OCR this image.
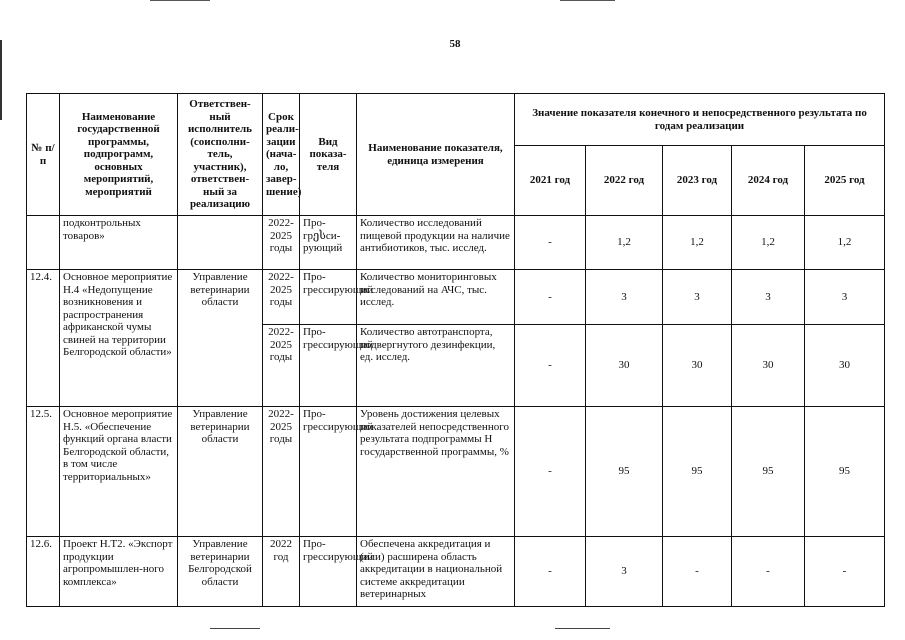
58
№ п/п	Наименование государственной программы, подпрограмм, основных мероприятий, мероприятий	Ответствен-ный исполнитель (соисполни-тель, участник), ответствен-ный за реализацию	Срок реали-зации (нача-ло, завер-шение)	Вид показа-теля	Наименование показателя, единица измерения	Значение показателя конечного и непосредственного результата по годам реализации				
						2021 год	2022 год	2023 год	2024 год	2025 год
	подконтрольных товаров»		2022-2025 годы	Про-грესси-рующий	Количество исследований пищевой продукции на наличие антибиотиков, тыс. исслед.	-	1,2	1,2	1,2	1,2
12.4.	Основное мероприятие Н.4 «Недопущение возникновения и распространения африканской чумы свиней на территории Белгородской области»	Управление ветеринарии области	2022-2025 годы	Про-грессирующий	Количество мониторинговых исследований на АЧС, тыс. исслед.	-	3	3	3	3
			2022-2025 годы	Про-грессирующий	Количество автотранспорта, подвергнутого дезинфекции, ед. исслед.	-	30	30	30	30
12.5.	Основное мероприятие Н.5. «Обеспечение функций органа власти Белгородской области, в том числе территориальных»	Управление ветеринарии области	2022-2025 годы	Про-грессирующий	Уровень достижения целевых показателей непосредственного результата подпрограммы Н государственной программы, %	-	95	95	95	95
12.6.	Проект Н.Т2. «Экспорт продукции агропромышлен-ного комплекса»	Управление ветеринарии Белгородской области	2022 год	Про-грессирующий	Обеспечена аккредитация и (или) расширена область аккредитации в национальной системе аккредитации ветеринарных	-	3	-	-	-
